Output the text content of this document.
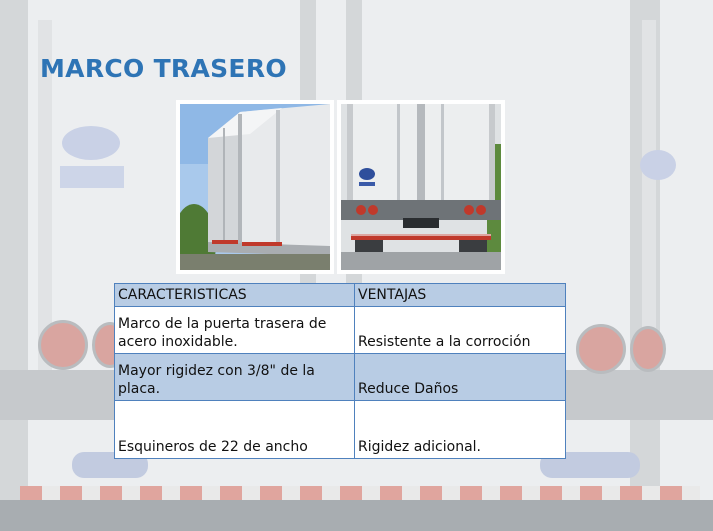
MARCO TRASERO
CARACTERISTICAS	VENTAJAS
Marco de la puerta trasera de acero inoxidable.	Resistente a la corroción
Mayor rigidez con 3/8" de la placa.	Reduce Daños
Esquineros de 22 de ancho	Rigidez adicional.
